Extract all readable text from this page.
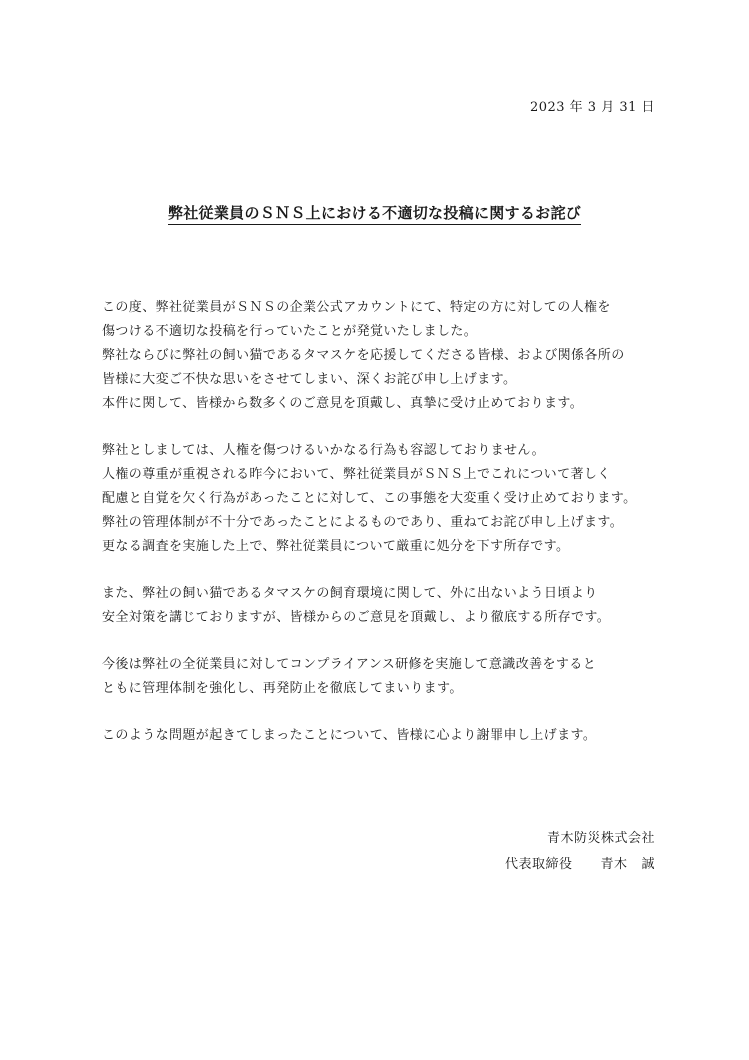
2023 年 3 月 31 日
弊社従業員のＳＮＳ上における不適切な投稿に関するお詫び
この度、弊社従業員がＳＮＳの企業公式アカウントにて、特定の方に対しての人権を
傷つける不適切な投稿を行っていたことが発覚いたしました。
弊社ならびに弊社の飼い猫であるタマスケを応援してくださる皆様、および関係各所の
皆様に大変ご不快な思いをさせてしまい、深くお詫び申し上げます。
本件に関して、皆様から数多くのご意見を頂戴し、真摯に受け止めております。
弊社としましては、人権を傷つけるいかなる行為も容認しておりません。
人権の尊重が重視される昨今において、弊社従業員がＳＮＳ上でこれについて著しく
配慮と自覚を欠く行為があったことに対して、この事態を大変重く受け止めております。
弊社の管理体制が不十分であったことによるものであり、重ねてお詫び申し上げます。
更なる調査を実施した上で、弊社従業員について厳重に処分を下す所存です。
また、弊社の飼い猫であるタマスケの飼育環境に関して、外に出ないよう日頃より
安全対策を講じておりますが、皆様からのご意見を頂戴し、より徹底する所存です。
今後は弊社の全従業員に対してコンプライアンス研修を実施して意識改善をすると
ともに管理体制を強化し、再発防止を徹底してまいります。
このような問題が起きてしまったことについて、皆様に心より謝罪申し上げます。
青木防災株式会社
代表取締役 青木 誠
